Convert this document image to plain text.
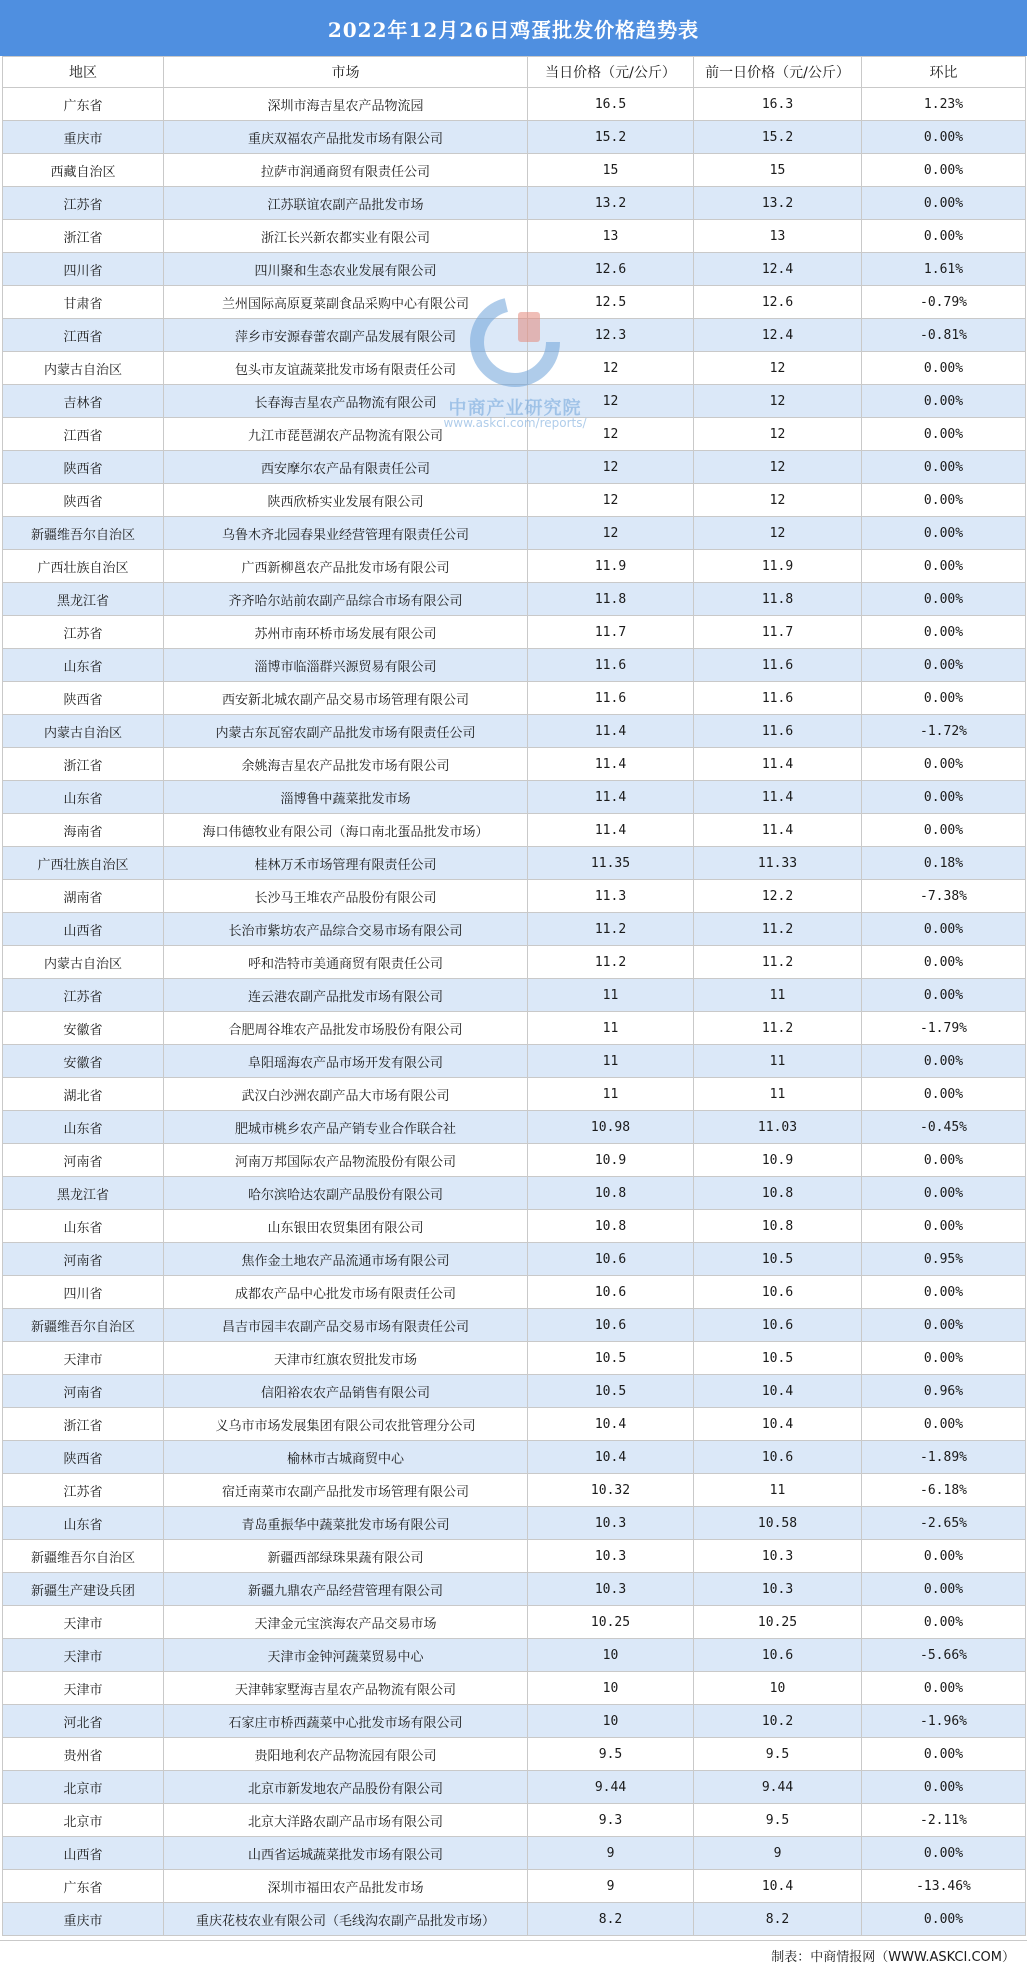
2022年12月26日鸡蛋批发价格趋势表
地区	市场	当日价格（元/公斤）	前一日价格（元/公斤）	环比
广东省	深圳市海吉星农产品物流园	16.5	16.3	1.23%
重庆市	重庆双福农产品批发市场有限公司	15.2	15.2	0.00%
西藏自治区	拉萨市润通商贸有限责任公司	15	15	0.00%
江苏省	江苏联谊农副产品批发市场	13.2	13.2	0.00%
浙江省	浙江长兴新农都实业有限公司	13	13	0.00%
四川省	四川聚和生态农业发展有限公司	12.6	12.4	1.61%
甘肃省	兰州国际高原夏菜副食品采购中心有限公司	12.5	12.6	-0.79%
江西省	萍乡市安源春蕾农副产品发展有限公司	12.3	12.4	-0.81%
内蒙古自治区	包头市友谊蔬菜批发市场有限责任公司	12	12	0.00%
吉林省	长春海吉星农产品物流有限公司	12	12	0.00%
江西省	九江市琵琶湖农产品物流有限公司	12	12	0.00%
陕西省	西安摩尔农产品有限责任公司	12	12	0.00%
陕西省	陕西欣桥实业发展有限公司	12	12	0.00%
新疆维吾尔自治区	乌鲁木齐北园春果业经营管理有限责任公司	12	12	0.00%
广西壮族自治区	广西新柳邕农产品批发市场有限公司	11.9	11.9	0.00%
黑龙江省	齐齐哈尔站前农副产品综合市场有限公司	11.8	11.8	0.00%
江苏省	苏州市南环桥市场发展有限公司	11.7	11.7	0.00%
山东省	淄博市临淄群兴源贸易有限公司	11.6	11.6	0.00%
陕西省	西安新北城农副产品交易市场管理有限公司	11.6	11.6	0.00%
内蒙古自治区	内蒙古东瓦窑农副产品批发市场有限责任公司	11.4	11.6	-1.72%
浙江省	余姚海吉星农产品批发市场有限公司	11.4	11.4	0.00%
山东省	淄博鲁中蔬菜批发市场	11.4	11.4	0.00%
海南省	海口伟德牧业有限公司（海口南北蛋品批发市场）	11.4	11.4	0.00%
广西壮族自治区	桂林万禾市场管理有限责任公司	11.35	11.33	0.18%
湖南省	长沙马王堆农产品股份有限公司	11.3	12.2	-7.38%
山西省	长治市紫坊农产品综合交易市场有限公司	11.2	11.2	0.00%
内蒙古自治区	呼和浩特市美通商贸有限责任公司	11.2	11.2	0.00%
江苏省	连云港农副产品批发市场有限公司	11	11	0.00%
安徽省	合肥周谷堆农产品批发市场股份有限公司	11	11.2	-1.79%
安徽省	阜阳瑶海农产品市场开发有限公司	11	11	0.00%
湖北省	武汉白沙洲农副产品大市场有限公司	11	11	0.00%
山东省	肥城市桃乡农产品产销专业合作联合社	10.98	11.03	-0.45%
河南省	河南万邦国际农产品物流股份有限公司	10.9	10.9	0.00%
黑龙江省	哈尔滨哈达农副产品股份有限公司	10.8	10.8	0.00%
山东省	山东银田农贸集团有限公司	10.8	10.8	0.00%
河南省	焦作金土地农产品流通市场有限公司	10.6	10.5	0.95%
四川省	成都农产品中心批发市场有限责任公司	10.6	10.6	0.00%
新疆维吾尔自治区	昌吉市园丰农副产品交易市场有限责任公司	10.6	10.6	0.00%
天津市	天津市红旗农贸批发市场	10.5	10.5	0.00%
河南省	信阳裕农农产品销售有限公司	10.5	10.4	0.96%
浙江省	义乌市市场发展集团有限公司农批管理分公司	10.4	10.4	0.00%
陕西省	榆林市古城商贸中心	10.4	10.6	-1.89%
江苏省	宿迁南菜市农副产品批发市场管理有限公司	10.32	11	-6.18%
山东省	青岛重振华中蔬菜批发市场有限公司	10.3	10.58	-2.65%
新疆维吾尔自治区	新疆西部绿珠果蔬有限公司	10.3	10.3	0.00%
新疆生产建设兵团	新疆九鼎农产品经营管理有限公司	10.3	10.3	0.00%
天津市	天津金元宝滨海农产品交易市场	10.25	10.25	0.00%
天津市	天津市金钟河蔬菜贸易中心	10	10.6	-5.66%
天津市	天津韩家墅海吉星农产品物流有限公司	10	10	0.00%
河北省	石家庄市桥西蔬菜中心批发市场有限公司	10	10.2	-1.96%
贵州省	贵阳地利农产品物流园有限公司	9.5	9.5	0.00%
北京市	北京市新发地农产品股份有限公司	9.44	9.44	0.00%
北京市	北京大洋路农副产品市场有限公司	9.3	9.5	-2.11%
山西省	山西省运城蔬菜批发市场有限公司	9	9	0.00%
广东省	深圳市福田农产品批发市场	9	10.4	-13.46%
重庆市	重庆花枝农业有限公司（毛线沟农副产品批发市场）	8.2	8.2	0.00%
中商产业研究院
www.askci.com/reports/
制表：中商情报网（WWW.ASKCI.COM）
